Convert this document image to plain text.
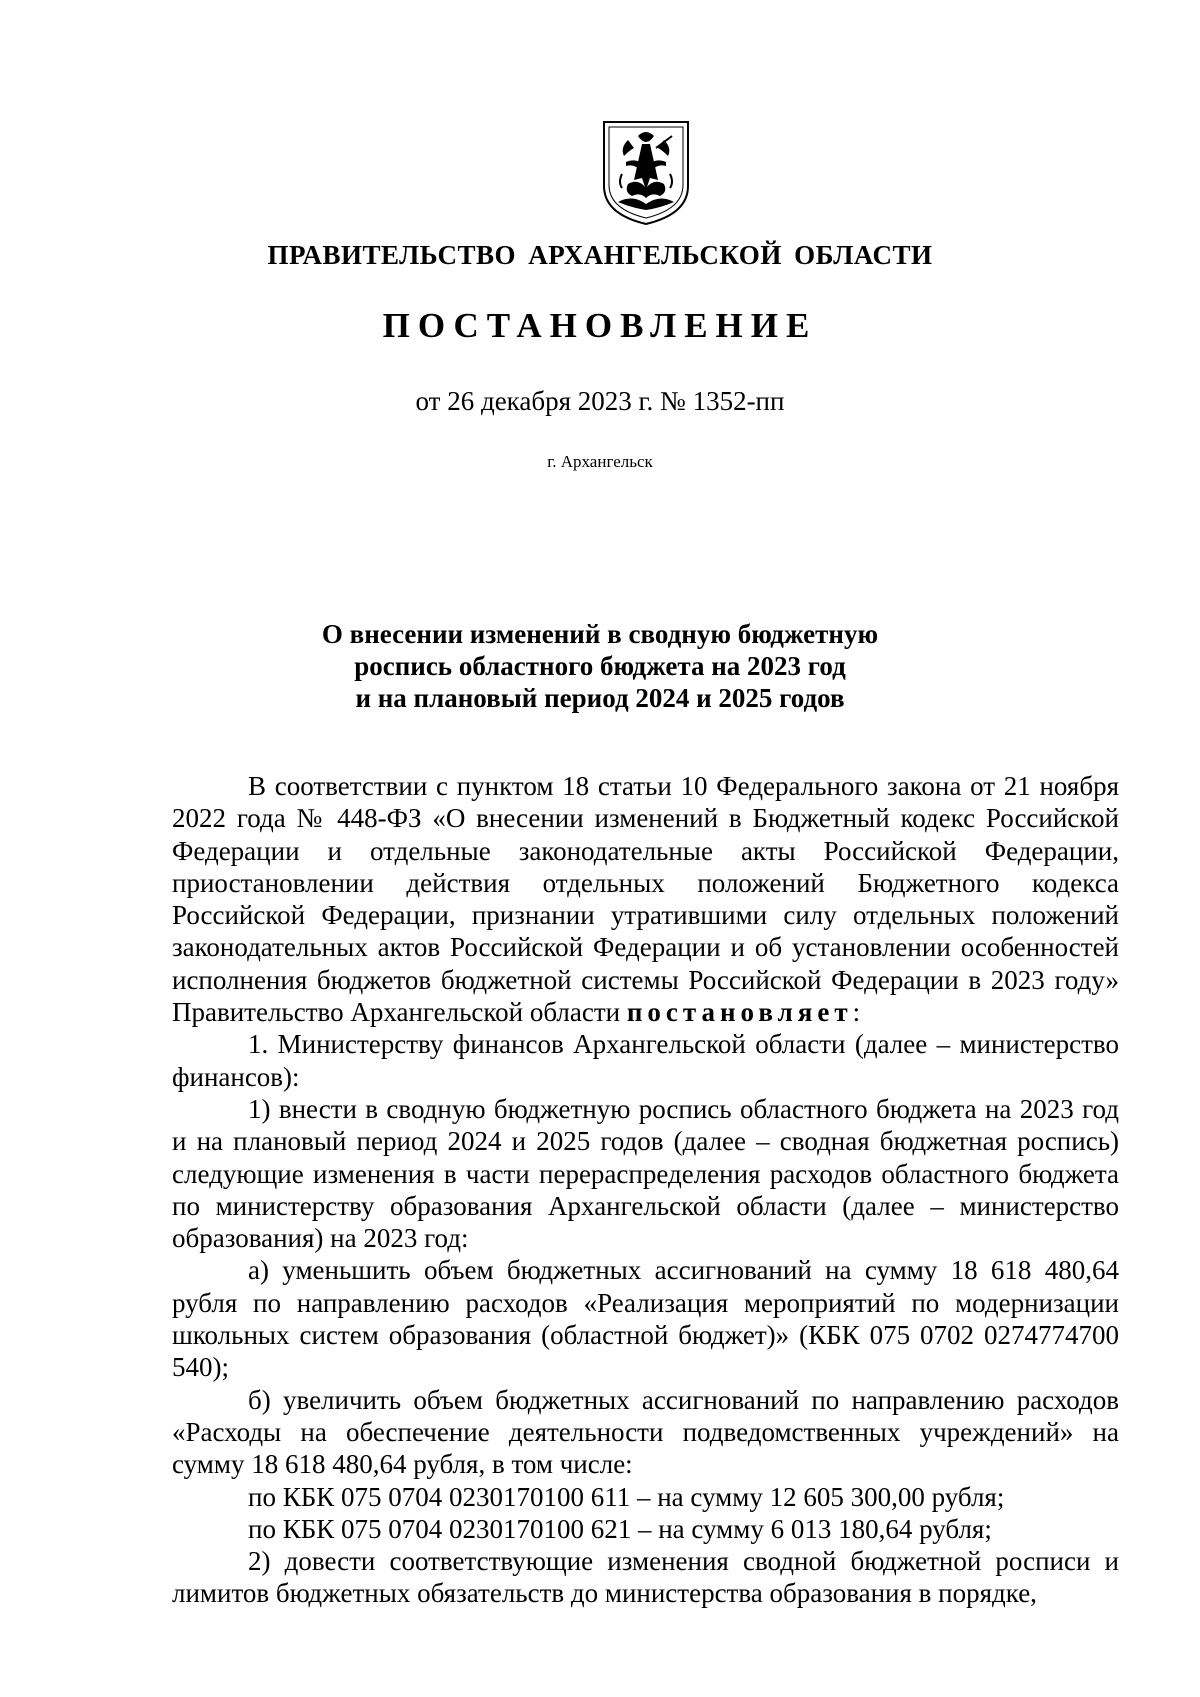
ПРАВИТЕЛЬСТВО АРХАНГЕЛЬСКОЙ ОБЛАСТИ
ПОСТАНОВЛЕНИЕ
от 26 декабря 2023 г. № 1352-пп
г. Архангельск
О внесении изменений в сводную бюджетную
роспись областного бюджета на 2023 год
и на плановый период 2024 и 2025 годов

В соответствии с пунктом 18 статьи 10 Федерального закона от 21 ноября 2022 года № 448-ФЗ «О внесении изменений в Бюджетный кодекс Российской Федерации и отдельные законодательные акты Российской Федерации, приостановлении действия отдельных положений Бюджетного кодекса Российской Федерации, признании утратившими силу отдельных положений законодательных актов Российской Федерации и об установлении особенностей исполнения бюджетов бюджетной системы Российской Федерации в 2023 году» Правительство Архангельской области постановляет:

1. Министерству финансов Архангельской области (далее – министерство финансов):

1) внести в сводную бюджетную роспись областного бюджета на 2023 год и на плановый период 2024 и 2025 годов (далее – сводная бюджетная роспись) следующие изменения в части перераспределения расходов областного бюджета по министерству образования Архангельской области (далее – министерство образования) на 2023 год:

а) уменьшить объем бюджетных ассигнований на сумму 18 618 480,64 рубля по направлению расходов «Реализация мероприятий по модернизации школьных систем образования (областной бюджет)» (КБК 075 0702 0274774700 540);

б) увеличить объем бюджетных ассигнований по направлению расходов «Расходы на обеспечение деятельности подведомственных учреждений» на сумму 18 618 480,64 рубля, в том числе:

по КБК 075 0704 0230170100 611 – на сумму 12 605 300,00 рубля;

по КБК 075 0704 0230170100 621 – на сумму 6 013 180,64 рубля;

2) довести соответствующие изменения сводной бюджетной росписи и лимитов бюджетных обязательств до министерства образования в порядке,
